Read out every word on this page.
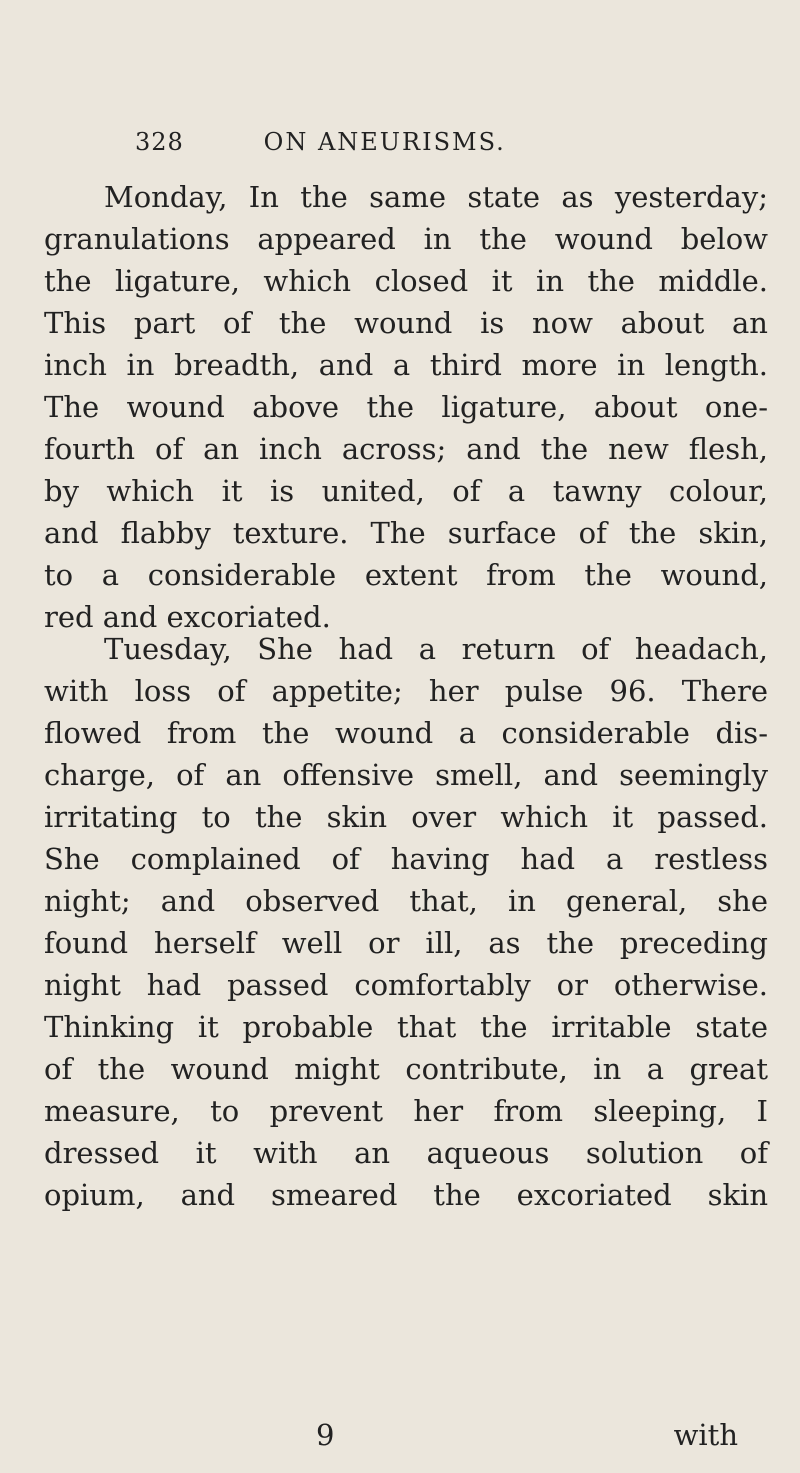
328	ON ANEURISMS.
Monday, In the same state as yesterday;
granulations appeared in the wound below
the ligature, which closed it in the middle.
This part of the wound is now about an
inch in breadth, and a third more in length.
The wound above the ligature, about one-
fourth of an inch across; and the new flesh,
by which it is united, of a tawny colour,
and flabby texture. The surface of the skin,
to a considerable extent from the wound,
red and excoriated.
Tuesday, She had a return of headach,
with loss of appetite; her pulse 96. There
flowed from the wound a considerable dis-
charge, of an offensive smell, and seemingly
irritating to the skin over which it passed.
She complained of having had a restless
night; and observed that, in general, she
found herself well or ill, as the preceding
night had passed comfortably or otherwise.
Thinking it probable that the irritable state
of the wound might contribute, in a great
measure, to prevent her from sleeping, I
dressed it with an aqueous solution of
opium, and smeared the excoriated skin
9	with
